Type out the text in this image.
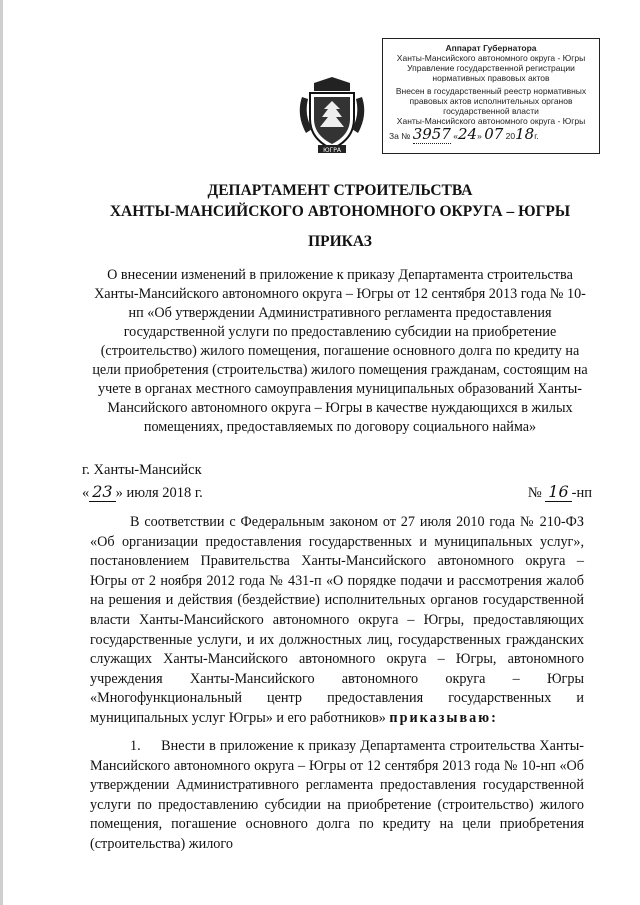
ЮГРА

Аппарат Губернатора

Ханты-Мансийского автономного округа - Югры

Управление государственной регистрации

нормативных правовых актов

Внесен в государственный реестр нормативных

правовых актов исполнительных органов

государственной власти

Ханты-Мансийского автономного округа - Югры

За № 3957 «24» 07 2018г.

ДЕПАРТАМЕНТ СТРОИТЕЛЬСТВА
ХАНТЫ-МАНСИЙСКОГО АВТОНОМНОГО ОКРУГА – ЮГРЫ
ПРИКАЗ
О внесении изменений в приложение к приказу Департамента строительства Ханты-Мансийского автономного округа – Югры от 12 сентября 2013 года № 10-нп «Об утверждении Административного регламента предоставления государственной услуги по предоставлению субсидии на приобретение (строительство) жилого помещения, погашение основного долга по кредиту на цели приобретения (строительства) жилого помещения гражданам, состоящим на учете в органах местного самоуправления муниципальных образований Ханты-Мансийского автономного округа – Югры в качестве нуждающихся в жилых помещениях, предоставляемых по договору социального найма»
г. Ханты-Мансийск
« 23 » июля 2018 г.	№ 16 -нп

В соответствии с Федеральным законом от 27 июля 2010 года № 210-ФЗ «Об организации предоставления государственных и муниципальных услуг», постановлением Правительства Ханты-Мансийского автономного округа – Югры от 2 ноября 2012 года № 431-п «О порядке подачи и рассмотрения жалоб на решения и действия (бездействие) исполнительных органов государственной власти Ханты-Мансийского автономного округа – Югры, предоставляющих государственные услуги, и их должностных лиц, государственных гражданских служащих Ханты-Мансийского автономного округа – Югры, автономного учреждения Ханты-Мансийского автономного округа – Югры «Многофункциональный центр предоставления государственных и муниципальных услуг Югры» и его работников» приказываю:

1.     Внести в приложение к приказу Департамента строительства Ханты-Мансийского автономного округа – Югры от 12 сентября 2013 года № 10-нп «Об утверждении Административного регламента предоставления государственной услуги по предоставлению субсидии на приобретение (строительство) жилого помещения, погашение основного долга по кредиту на цели приобретения (строительства) жилого
